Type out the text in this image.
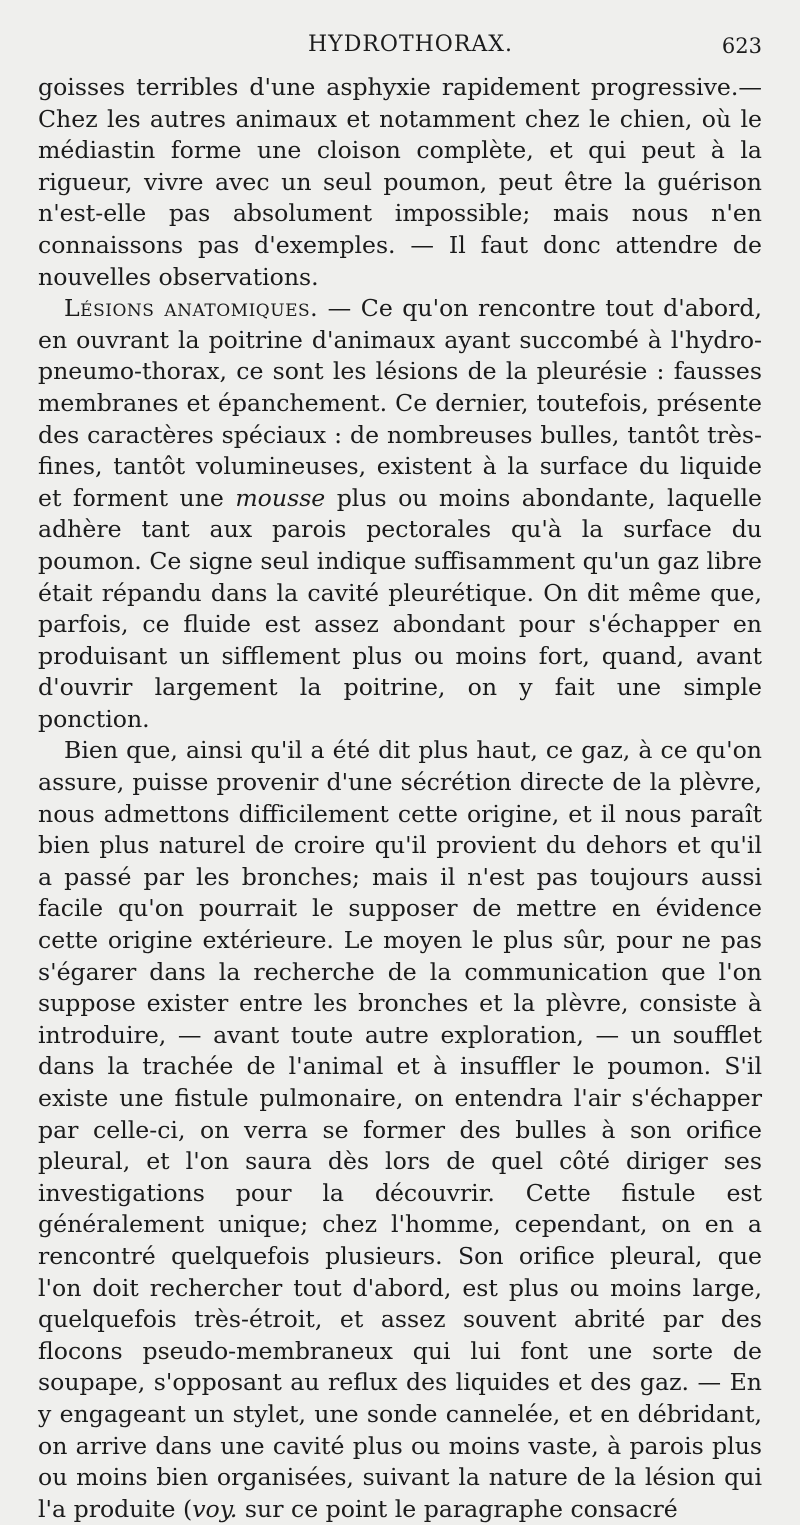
HYDROTHORAX.	623

goisses terribles d'une asphyxie rapidement progressive.—Chez les autres animaux et notamment chez le chien, où le médiastin forme une cloison complète, et qui peut à la rigueur, vivre avec un seul poumon, peut être la guérison n'est-elle pas absolument impossible; mais nous n'en connaissons pas d'exemples. — Il faut donc attendre de nouvelles observations.

Lésions anatomiques. — Ce qu'on rencontre tout d'abord, en ouvrant la poitrine d'animaux ayant succombé à l'hydro-pneumo-thorax, ce sont les lésions de la pleurésie : fausses membranes et épanchement. Ce dernier, toutefois, présente des caractères spéciaux : de nombreuses bulles, tantôt très-fines, tantôt volumineuses, existent à la surface du liquide et forment une mousse plus ou moins abondante, laquelle adhère tant aux parois pectorales qu'à la surface du poumon. Ce signe seul indique suffisamment qu'un gaz libre était répandu dans la cavité pleurétique. On dit même que, parfois, ce fluide est assez abondant pour s'échapper en produisant un sifflement plus ou moins fort, quand, avant d'ouvrir largement la poitrine, on y fait une simple ponction.

Bien que, ainsi qu'il a été dit plus haut, ce gaz, à ce qu'on assure, puisse provenir d'une sécrétion directe de la plèvre, nous admettons difficilement cette origine, et il nous paraît bien plus naturel de croire qu'il provient du dehors et qu'il a passé par les bronches; mais il n'est pas toujours aussi facile qu'on pourrait le supposer de mettre en évidence cette origine extérieure. Le moyen le plus sûr, pour ne pas s'égarer dans la recherche de la communication que l'on suppose exister entre les bronches et la plèvre, consiste à introduire, — avant toute autre exploration, — un soufflet dans la trachée de l'animal et à insuffler le poumon. S'il existe une fistule pulmonaire, on entendra l'air s'échapper par celle-ci, on verra se former des bulles à son orifice pleural, et l'on saura dès lors de quel côté diriger ses investigations pour la découvrir. Cette fistule est généralement unique; chez l'homme, cependant, on en a rencontré quelquefois plusieurs. Son orifice pleural, que l'on doit rechercher tout d'abord, est plus ou moins large, quelquefois très-étroit, et assez souvent abrité par des flocons pseudo-membraneux qui lui font une sorte de soupape, s'opposant au reflux des liquides et des gaz. — En y engageant un stylet, une sonde cannelée, et en débridant, on arrive dans une cavité plus ou moins vaste, à parois plus ou moins bien organisées, suivant la nature de la lésion qui l'a produite (voy. sur ce point le paragraphe consacré
